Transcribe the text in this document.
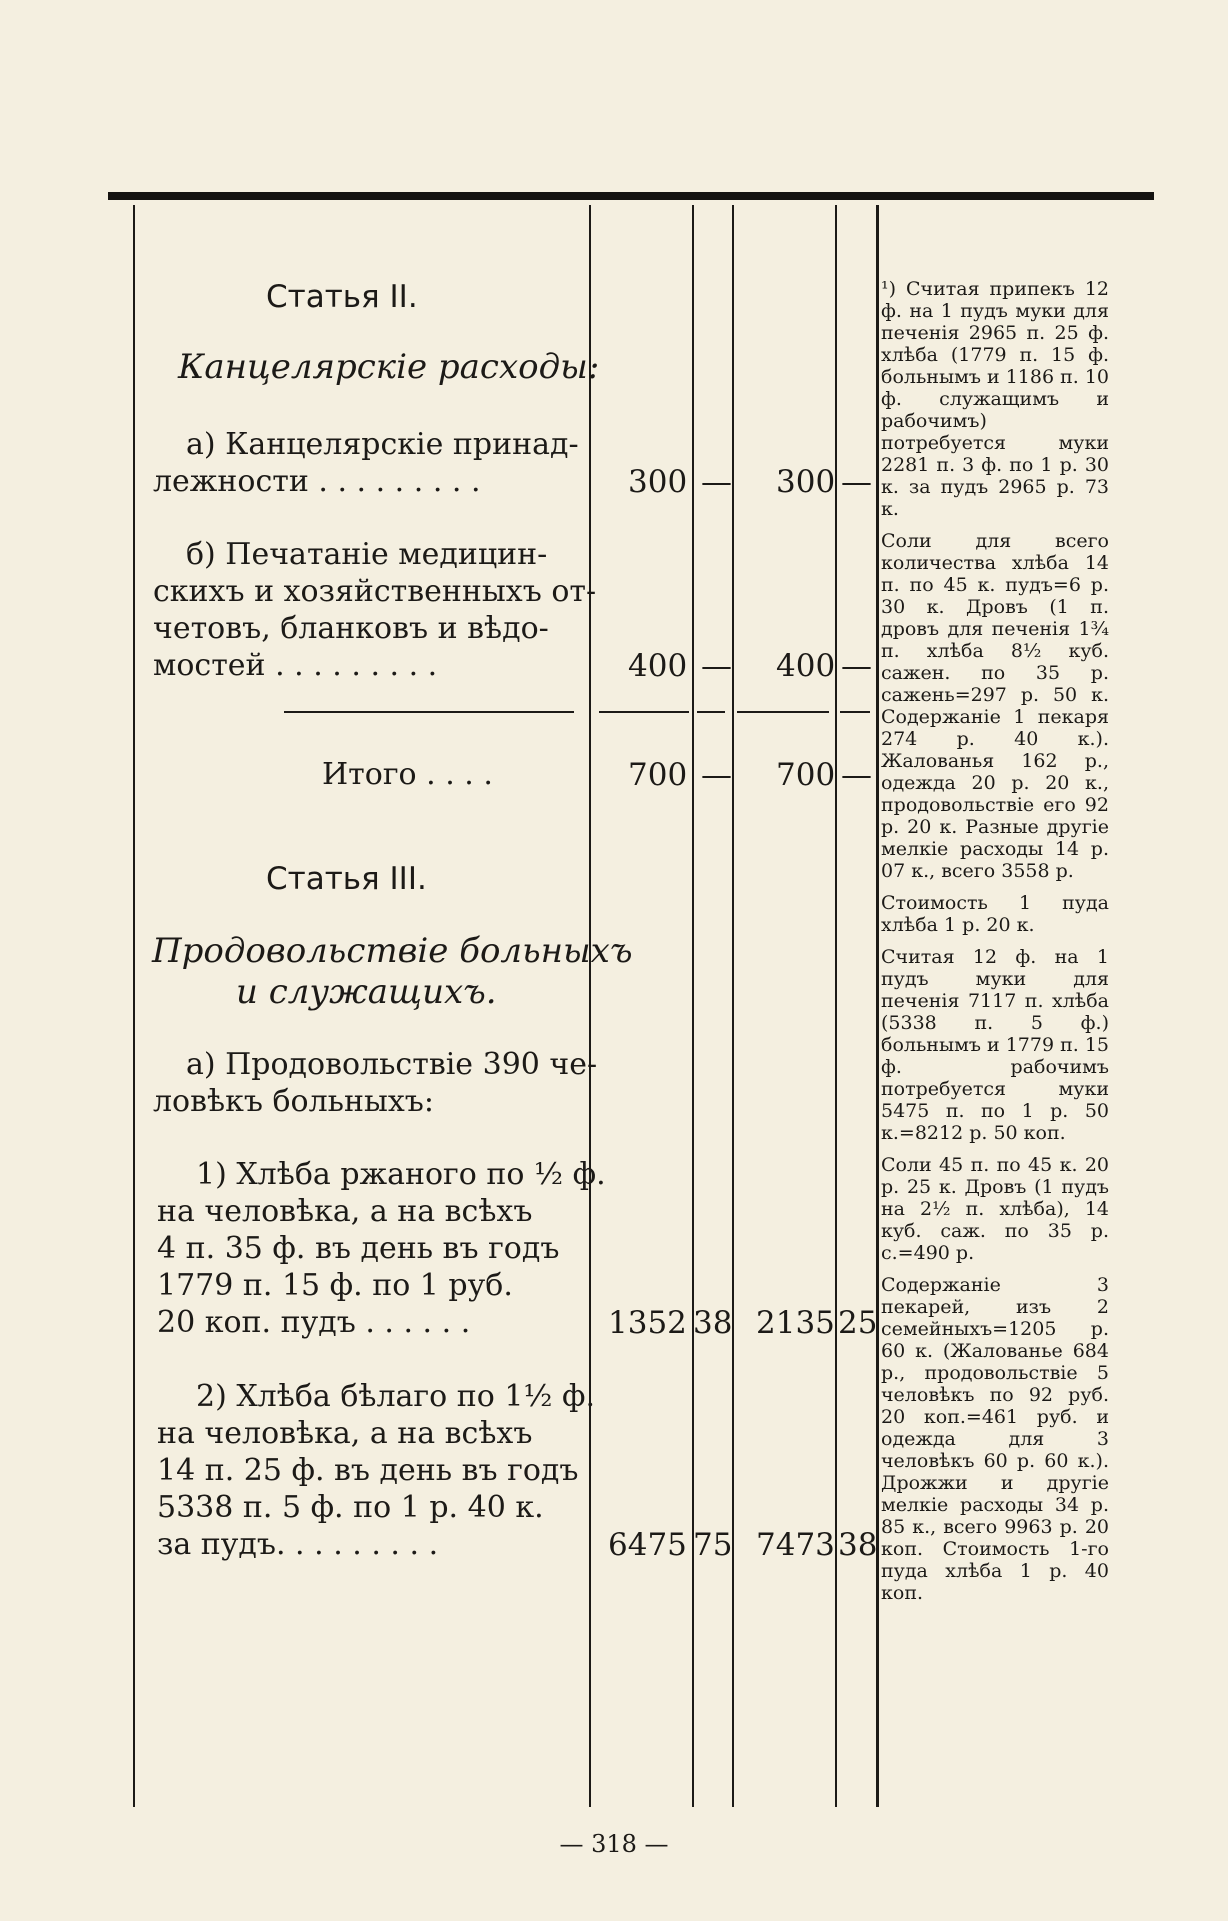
Статья II.
Канцелярскіе расходы:
а) Канцелярскіе принад-
лежности . . . . . . . . .	300 — 300 —
б) Печатаніе медицин-
скихъ и хозяйственныхъ от-
четовъ, бланковъ и вѣдо-
мостей . . . . . . . . .	400 — 400 —
Итого . . . .	700 — 700 —
Статья III.
Продовольствіе больныхъ
и служащихъ.
а) Продовольствіе 390 че-
ловѣкъ больныхъ:
1) Хлѣба ржаного по ½ ф.
на человѣка, а на всѣхъ
4 п. 35 ф. въ день въ годъ
1779 п. 15 ф. по 1 руб.
20 коп. пудъ . . . . . .	1352 38 2135 25
2) Хлѣба бѣлаго по 1½ ф.
на человѣка, а на всѣхъ
14 п. 25 ф. въ день въ годъ
5338 п. 5 ф. по 1 р. 40 к.
за пудъ. . . . . . . . .	6475 75 7473 38

¹) Считая припекъ 12 ф. на 1 пудъ муки для печенія 2965 п. 25 ф. хлѣба (1779 п. 15 ф. больнымъ и 1186 п. 10 ф. служащимъ и рабочимъ) потребуется муки 2281 п. 3 ф. по 1 р. 30 к. за пудъ 2965 р. 73 к.

Соли для всего количества хлѣба 14 п. по 45 к. пудъ=6 р. 30 к. Дровъ (1 п. дровъ для печенія 1¾ п. хлѣба 8½ куб. сажен. по 35 р. сажень=297 р. 50 к. Содержаніе 1 пекаря 274 р. 40 к.). Жалованья 162 р., одежда 20 р. 20 к., продовольствіе его 92 р. 20 к. Разные другіе мелкіе расходы 14 р. 07 к., всего 3558 р.

Стоимость 1 пуда хлѣба 1 р. 20 к.

Считая 12 ф. на 1 пудъ муки для печенія 7117 п. хлѣба (5338 п. 5 ф.) больнымъ и 1779 п. 15 ф. рабочимъ потребуется муки 5475 п. по 1 р. 50 к.=8212 р. 50 коп.

Соли 45 п. по 45 к. 20 р. 25 к. Дровъ (1 пудъ на 2½ п. хлѣба), 14 куб. саж. по 35 р. с.=490 р.

Содержаніе 3 пекарей, изъ 2 семейныхъ=1205 р. 60 к. (Жалованье 684 р., продовольствіе 5 человѣкъ по 92 руб. 20 коп.=461 руб. и одежда для 3 человѣкъ 60 р. 60 к.). Дрожжи и другіе мелкіе расходы 34 р. 85 к., всего 9963 р. 20 коп. Стоимость 1-го пуда хлѣба 1 р. 40 коп.

— 318 —
